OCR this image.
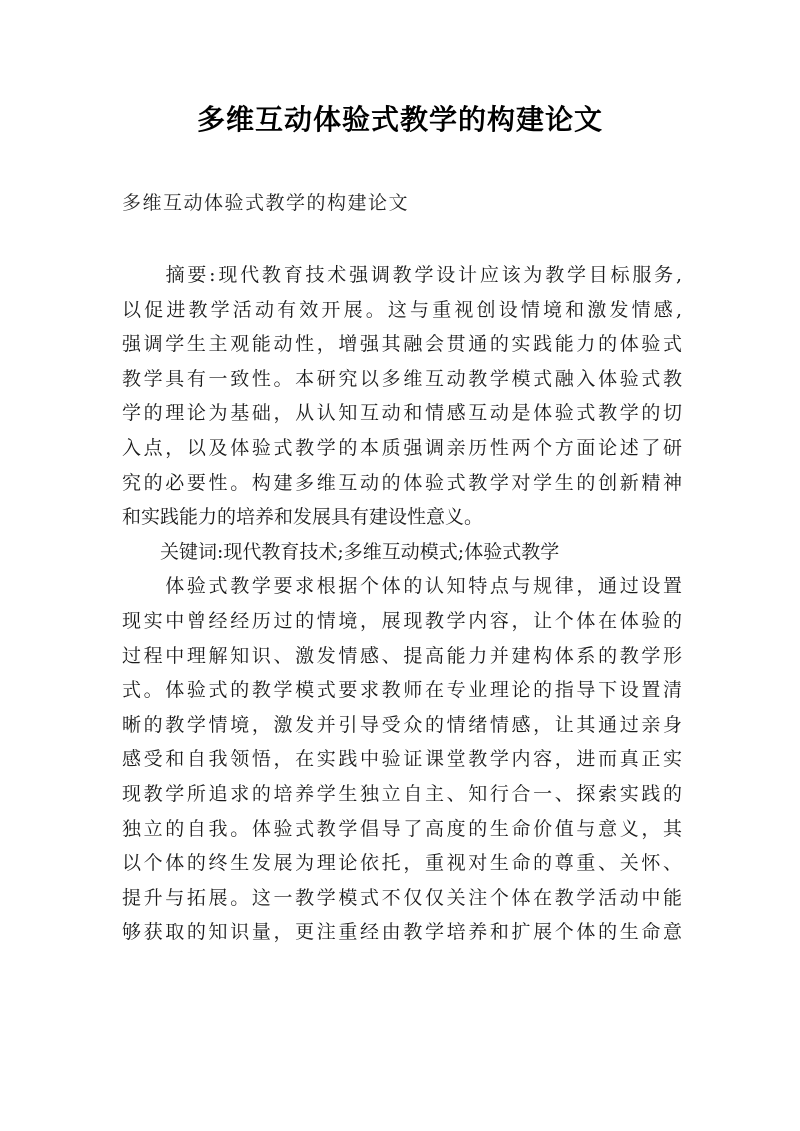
多维互动体验式教学的构建论文
多维互动体验式教学的构建论文
　　摘要:现代教育技术强调教学设计应该为教学目标服务,
以促进教学活动有效开展。这与重视创设情境和激发情感,
强调学生主观能动性，增强其融会贯通的实践能力的体验式
教学具有一致性。本研究以多维互动教学模式融入体验式教
学的理论为基础，从认知互动和情感互动是体验式教学的切
入点，以及体验式教学的本质强调亲历性两个方面论述了研
究的必要性。构建多维互动的体验式教学对学生的创新精神
和实践能力的培养和发展具有建设性意义。
　　关键词:现代教育技术;多维互动模式;体验式教学
　　体验式教学要求根据个体的认知特点与规律，通过设置
现实中曾经经历过的情境，展现教学内容，让个体在体验的
过程中理解知识、激发情感、提高能力并建构体系的教学形
式。体验式的教学模式要求教师在专业理论的指导下设置清
晰的教学情境，激发并引导受众的情绪情感，让其通过亲身
感受和自我领悟，在实践中验证课堂教学内容，进而真正实
现教学所追求的培养学生独立自主、知行合一、探索实践的
独立的自我。体验式教学倡导了高度的生命价值与意义，其
以个体的终生发展为理论依托，重视对生命的尊重、关怀、
提升与拓展。这一教学模式不仅仅关注个体在教学活动中能
够获取的知识量，更注重经由教学培养和扩展个体的生命意
